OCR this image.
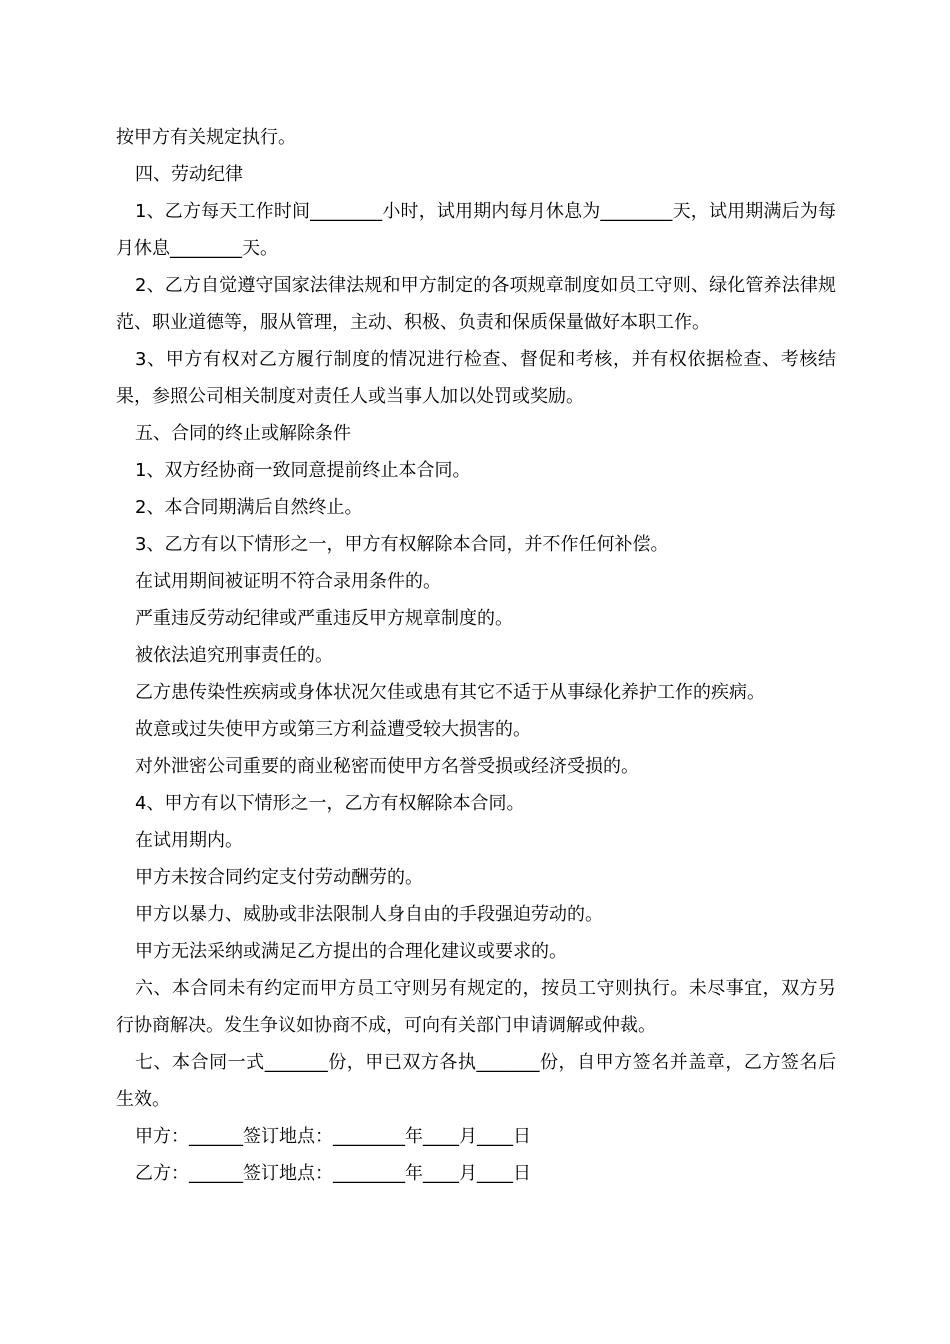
按甲方有关规定执行。

四、劳动纪律

1、乙方每天工作时间________小时，试用期内每月休息为________天，试用期满后为每月休息________天。

2、乙方自觉遵守国家法律法规和甲方制定的各项规章制度如员工守则、绿化管养法律规范、职业道德等，服从管理，主动、积极、负责和保质保量做好本职工作。

3、甲方有权对乙方履行制度的情况进行检查、督促和考核，并有权依据检查、考核结果，参照公司相关制度对责任人或当事人加以处罚或奖励。

五、合同的终止或解除条件

1、双方经协商一致同意提前终止本合同。

2、本合同期满后自然终止。

3、乙方有以下情形之一，甲方有权解除本合同，并不作任何补偿。

在试用期间被证明不符合录用条件的。

严重违反劳动纪律或严重违反甲方规章制度的。

被依法追究刑事责任的。

乙方患传染性疾病或身体状况欠佳或患有其它不适于从事绿化养护工作的疾病。

故意或过失使甲方或第三方利益遭受较大损害的。

对外泄密公司重要的商业秘密而使甲方名誉受损或经济受损的。

4、甲方有以下情形之一，乙方有权解除本合同。

在试用期内。

甲方未按合同约定支付劳动酬劳的。

甲方以暴力、威胁或非法限制人身自由的手段强迫劳动的。

甲方无法采纳或满足乙方提出的合理化建议或要求的。

六、本合同未有约定而甲方员工守则另有规定的，按员工守则执行。未尽事宜，双方另行协商解决。发生争议如协商不成，可向有关部门申请调解或仲裁。

七、本合同一式_______份，甲已双方各执_______份，自甲方签名并盖章，乙方签名后生效。

甲方：______签订地点：________年____月____日

乙方：______签订地点：________年____月____日
